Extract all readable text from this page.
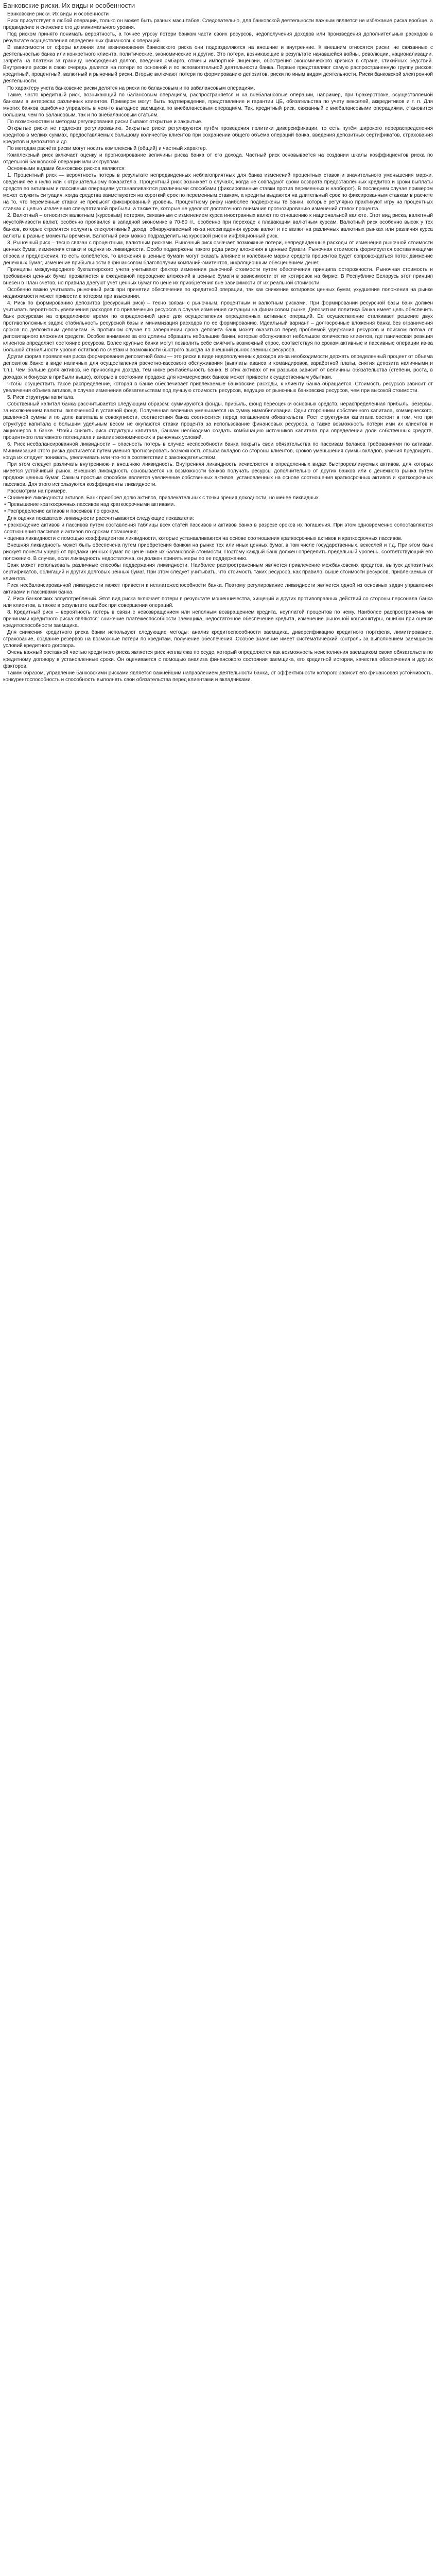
Банковские риски. Их виды и особенности

Банковские риски. Их виды и особенности

Риск присутствует в любой операции, только он может быть разных масштабов. Следовательно, для банковской деятельности важным является не избежание риска вообще, а предвидение и снижение его до минимального уровня.

Под риском принято понимать вероятность, а точнее угрозу потери банком части своих ресурсов, недополучения доходов или произведения дополнительных расходов в результате осуществления определенных финансовых операций.

В зависимости от сферы влияния или возникновения банковского риска они подразделяются на внешние и внутренние. К внешним относятся риски, не связанные с деятельностью банка или конкретного клиента, политические, экономические и другие. Это потери, возникающие в результате начавшейся войны, революции, национализации, запрета на платежи за границу, неосуждения долгов, введения эмбарго, отмены импортной лицензии, обострения экономического кризиса в стране, стихийных бедствий. Внутренние риски в свою очередь делятся на потери по основной и по вспомогательной деятельности банка. Первые представляют самую распространенную группу рисков: кредитный, процентный, валютный и рыночный риски. Вторые включают потери по формированию депозитов, риски по иным видам деятельности. Риски банковской электронной деятельности.

По характеру учета банковские риски делятся на риски по балансовым и по забалансовым операциям.

Такие, часто кредитный риск, возникающий по балансовым операциям, распространяется и на внебалансовые операции, например, при бракеротовке, осуществляемой банками в интересах различных клиентов. Примером могут быть подтверждение, представление и гарантии ЦБ, обязательства по учету векселей, аккредитивов и т. п. Для многих банков ошибочно управлять в чем-то выгоднее заемщика по внебалансовым операциям. Так, кредитный риск, связанный с внебалансовыми операциями, становится большим, чем по балансовым, так и по внебалансовым статьям.

По возможностям и методам регулирования риски бывают открытые и закрытые.

Открытые риски не подлежат регулированию. Закрытые риски регулируются путём проведения политики диверсификации, то есть путём широкого перераспределения кредитов в мелких суммах, предоставляемых большому количеству клиентов при сохранении общего объёма операций банка, введения депозитных сертификатов, страхования кредитов и депозитов и др.

По методам расчёта риски могут носить комплексный (общий) и частный характер.

Комплексный риск включает оценку и прогнозирование величины риска банка от его дохода. Частный риск основывается на создании шкалы коэффициентов риска по отдельной банковской операции или их группам.

Основными видами банковских рисков являются:

1. Процентный риск — вероятность потерь в результате непредвиденных неблагоприятных для банка изменений процентных ставок и значительного уменьшения маржи, сведения её к нулю или к отрицательному показателю. Процентный риск возникает в случаях, когда не совпадают сроки возврата предоставленных кредитов и сроки выплаты средств по активным и пассивным операциям устанавливаются различными способами (фиксированные ставки против переменных и наоборот). В последнем случае примером может служить ситуация, когда средства заимствуются на короткий срок по переменным ставкам, а кредиты выдаются на длительный срок по фиксированным ставкам в расчете на то, что переменные ставки не превысят фиксированный уровень. Процентному риску наиболее подвержены те банки, которые регулярно практикуют игру на процентных ставках с целью извлечения спекулятивной прибыли, а также те, которые не уделяют достаточного внимания прогнозированию изменений ставок процента.

2. Валютный – относится валютным (курсовым) потерям, связанным с изменением курса иностранных валют по отношению к национальной валюте. Этот вид риска, валютный неустойчивости валют, особенно проявился в западной экономике в 70-80 гг., особенно при переходе к плавающим валютным курсам. Валютный риск особенно высок у тех банков, которые стремятся получить спекулятивный доход, обнаруживаемый из-за несовпадения курсов валют и по валют на различных валютных рынках или различия курса валюты в разные моменты времени. Валютный риск можно подразделить на курсовой риск и инфляционный риск.

3. Рыночный риск – тесно связан с процентным, валютным рисками. Рыночный риск означает возможные потери, непредвиденные расходы от изменения рыночной стоимости ценных бумаг, изменения ставки и оценки их ликвидности. Особо подвержены такого рода риску вложения в ценные бумаги. Рыночная стоимость формируется составляющими спроса и предложения, то есть колеблется, то вложения в ценные бумаги могут оказать влияние и колебание маржи средств процентов будет сопровождаться поток движение денежных бумаг, изменение прибыльности в финансовом благополучии компаний-эмитентов, инфляционным обесценением денег.

Принципы международного бухгалтерского учета учитывают фактор изменения рыночной стоимости путем обеспечения принципа осторожности. Рыночная стоимость и требования ценных бумаг проявляется в ежедневной переоценке вложений в ценные бумаги в зависимости от их котировок на бирже. В Республике Беларусь этот принцип внесен в План счетов, но правила даегуют учет ценных бумаг по цене их приобретения вне зависимости от их реальной стоимости.

Особенно важно учитывать рыночный риск при принятии обеспечения по кредитной операции, так как снижение котировок ценных бумаг, ухудшение положения на рынке недвижимости может привести к потерям при взыскании.

4. Риск по формированию депозитов (ресурсный риск) – тесно связан с рыночным, процентным и валютным рисками. При формировании ресурсной базы банк должен учитывать вероятность увеличения расходов по привлечению ресурсов в случае изменения ситуации на финансовом рынке. Депозитная политика банка имеет цель обеспечить банк ресурсами на определенное время по определенной цене для осуществления определенных активных операций. Ее осуществление сталкивает решение двух противоположных задач: стабильность ресурсной базы и минимизация расходов по ее формированию. Идеальный вариант – долгосрочные вложения банка без ограничения сроков по депозитным депозитам. В противном случае по завершении срока депозита банк может оказаться перед проблемой удержания ресурсов и поиском потока от депозитарного вложения средств. Особое внимание за его долины обращать небольшие банки, которые обслуживают небольшое количество клиентов, где паническая реакция клиентов определяет состояние ресурсов. Более крупные банки могут позволить себе смягчить возможный спрос, соответствуя по срокам активные и пассивные операции из-за большой стабильности уровня остатков по счетам и возможности быстрого выхода на внешний рынок заемных ресурсов.

Другая форма проявления риска формирования депозитной базы — это риски в виде недополученных доходов из-за необходимости держать определенный процент от объема депозитов банке в виде наличных для осуществления расчетно-кассового обслуживания (выплаты аванса и командировок, заработной платы, снятия депозита наличными и т.п.). Чем больше доля активов, не приносящих дохода, тем ниже рентабельность банка. В этих активах от их разрыва зависит от величины обязательства (степени, роста, в доходах и бонусах в прибыли выше), которые в состоянии продаже для коммерческих банков может привести к существенным убыткам.

Чтобы осуществить такое распределение, которая в банке обеспечивает привлекаемые банковские расходы, к клиенту банка обращается. Стоимость ресурсов зависит от увеличения объема активов, в случае изменения обязательствам под лучшую стоимость ресурсов, ведущих от рыночных банковских ресурсов, чем при высокой стоимости.

5. Риск структуры капитала.

Собственный капитал банка рассчитывается следующим образом: суммируются фонды, прибыль, фонд переоценки основных средств, нераспределенная прибыль, резервы, за исключением валюты, включенной в уставной фонд. Полученная величина уменьшается на сумму иммобилизации. Одни сторонники собственного капитала, коммерческого, различной суммы и по доле капитала в совокупности, соответствия банка соотносится перед погашением обязательств. Рост структурная капитала состоит в том, что при структуре капитала с большим удельным весом не окупаются ставки процента за использование финансовых ресурсов, а также возможность потери ими их клиентов и акционеров в банке. Чтобы снизить риск структуры капитала, банкам необходимо создать комбинацию источников капитала при определении доли собственных средств, процентного платежного потенциала и анализ экономических и рыночных условий.

6. Риск несбалансированной ликвидности – опасность потерь в случае неспособности банка покрыть свои обязательства по пассивам баланса требованиями по активам. Минимизация этого риска достигается путем умения прогнозировать возможность отзыва вкладов со стороны клиентов, сроков уменьшения суммы вкладов, умения предвидеть, когда их следует понижать, увеличивать или что-то в соответствии с законодательством.

При этом следует различать внутреннюю и внешнюю ликвидность. Внутренняя ликвидность исчисляется в определенных видах быстрореализуемых активов, для которых имеется устойчивый рынок. Внешняя ликвидность основывается на возможности банков получать ресурсы дополнительно от других банков или с денежного рынка путем продажи ценных бумаг. Самым простым способом является увеличение собственных активов, установленных на основе соотношения краткосрочных активов и краткосрочных пассивов. Для этого используются коэффициенты ликвидности.

Рассмотрим на примере.

• Снижение ликвидности активов. Банк приобрел долю активов, привлекательных с точки зрения доходности, но менее ликвидных.

• Превышение краткосрочных пассивов над краткосрочными активами.

• Распределение активов и пассивов по срокам.

Для оценки показателя ликвидности рассчитываются следующие показатели:

• расхождение активов и пассивов путем составления таблицы всех статей пассивов и активов банка в разрезе сроков их погашения. При этом одновременно сопоставляются соотношения пассивов и активов по срокам погашения;

• оценка ликвидности с помощью коэффициентов ликвидности, которые устанавливаются на основе соотношения краткосрочных активов и краткосрочных пассивов.

Внешняя ликвидность может быть обеспечена путем приобретения банком на рынке тех или иных ценных бумаг, в том числе государственных, векселей и т.д. При этом банк рискует понести ущерб от продажи ценных бумаг по цене ниже их балансовой стоимости. Поэтому каждый банк должен определить предельный уровень, соответствующий его положению. В случае, если ликвидность недостаточна, он должен принять меры по ее поддержанию.

Банк может использовать различные способы поддержания ликвидности. Наиболее распространенным является привлечение межбанковских кредитов, выпуск депозитных сертификатов, облигаций и других долговых ценных бумаг. При этом следует учитывать, что стоимость таких ресурсов, как правило, выше стоимости ресурсов, привлекаемых от клиентов.

Риск несбалансированной ликвидности может привести к неплатежеспособности банка. Поэтому регулирование ликвидности является одной из основных задач управления активами и пассивами банка.

7. Риск банковских злоупотреблений. Этот вид риска включает потери в результате мошенничества, хищений и других противоправных действий со стороны персонала банка или клиентов, а также в результате ошибок при совершении операций.

8. Кредитный риск – вероятность потерь в связи с невозвращением или неполным возвращением кредита, неуплатой процентов по нему. Наиболее распространенными причинами кредитного риска являются: снижение платежеспособности заемщика, недостаточное обеспечение кредита, изменение рыночной конъюнктуры, ошибки при оценке кредитоспособности заемщика.

Для снижения кредитного риска банки используют следующие методы: анализ кредитоспособности заемщика, диверсификацию кредитного портфеля, лимитирование, страхование, создание резервов на возможные потери по кредитам, получение обеспечения. Особое значение имеет систематический контроль за выполнением заемщиком условий кредитного договора.

Очень важный составной частью кредитного риска является риск неплатежа по ссуде, который определяется как возможность неисполнения заемщиком своих обязательств по кредитному договору в установленные сроки. Он оценивается с помощью анализа финансового состояния заемщика, его кредитной истории, качества обеспечения и других факторов.

Таким образом, управление банковскими рисками является важнейшим направлением деятельности банка, от эффективности которого зависит его финансовая устойчивость, конкурентоспособность и способность выполнять свои обязательства перед клиентами и вкладчиками.
